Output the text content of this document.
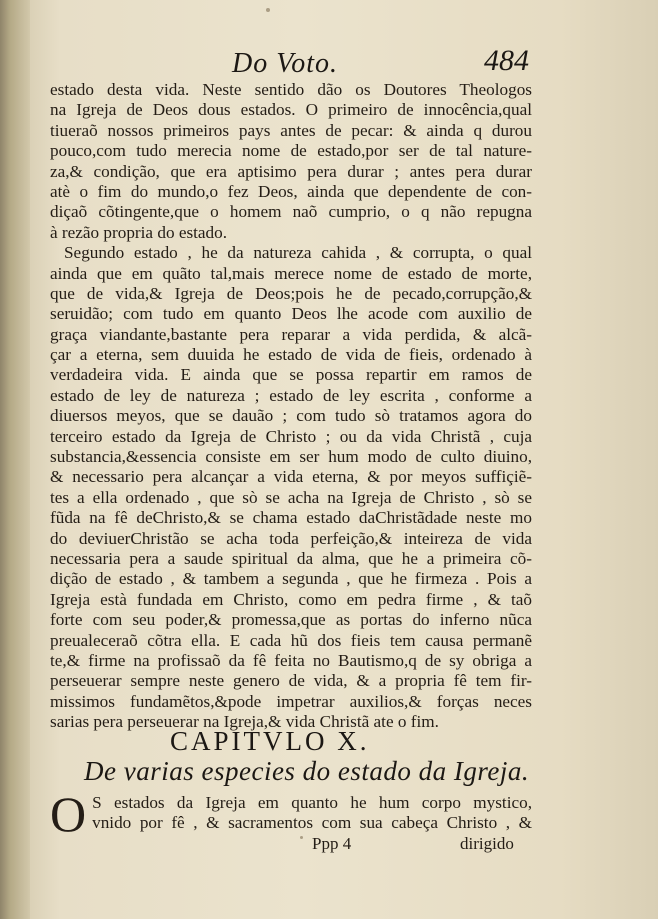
Do Voto.	484
estado desta vida. Neste sentido dão os Doutores Theologos
na Igreja de Deos dous estados. O primeiro de innocência,qual
tiueraõ nossos primeiros pays antes de pecar: & ainda q durou
pouco,com tudo merecia nome de estado,por ser de tal nature-
za,& condição, que era aptisimo pera durar ; antes pera durar
atè o fim do mundo,o fez Deos, ainda que dependente de con-
diçaõ cõtingente,que o homem naõ cumprio, o q não repugna
à rezão propria do estado.
Segundo estado , he da natureza cahida , & corrupta, o qual
ainda que em quãto tal,mais merece nome de estado de morte,
que de vida,& Igreja de Deos;pois he de pecado,corrupção,&
seruidão; com tudo em quanto Deos lhe acode com auxilio de
graça viandante,bastante pera reparar a vida perdida, & alcã-
çar a eterna, sem duuida he estado de vida de fieis, ordenado à
verdadeira vida. E ainda que se possa repartir em ramos de
estado de ley de natureza ; estado de ley escrita , conforme a
diuersos meyos, que se dauão ; com tudo sò tratamos agora do
terceiro estado da Igreja de Christo ; ou da vida Christã , cuja
substancia,&essencia consiste em ser hum modo de culto diuino,
& necessario pera alcançar a vida eterna, & por meyos suffiçiẽ-
tes a ella ordenado , que sò se acha na Igreja de Christo , sò se
fũda na fê deChristo,& se chama estado daChristãdade neste mo
do deviuerChristão se acha toda perfeição,& inteireza de vida
necessaria pera a saude spiritual da alma, que he a primeira cõ-
dição de estado , & tambem a segunda , que he firmeza . Pois a
Igreja està fundada em Christo, como em pedra firme , & taõ
forte com seu poder,& promessa,que as portas do inferno nũca
preualeceraõ cõtra ella. E cada hũ dos fieis tem causa permanẽ
te,& firme na profissaõ da fê feita no Bautismo,q de sy obriga a
perseuerar sempre neste genero de vida, & a propria fê tem fir-
missimos fundamẽtos,&pode impetrar auxilios,& forças neces
sarias pera perseuerar na Igreja,& vida Christã ate o fim.
CAPITVLO X.
De varias especies do estado da Igreja.
O S estados da Igreja em quanto he hum corpo mystico,
vnido por fê , & sacramentos com sua cabeça Christo , &
Ppp 4	dirigido
